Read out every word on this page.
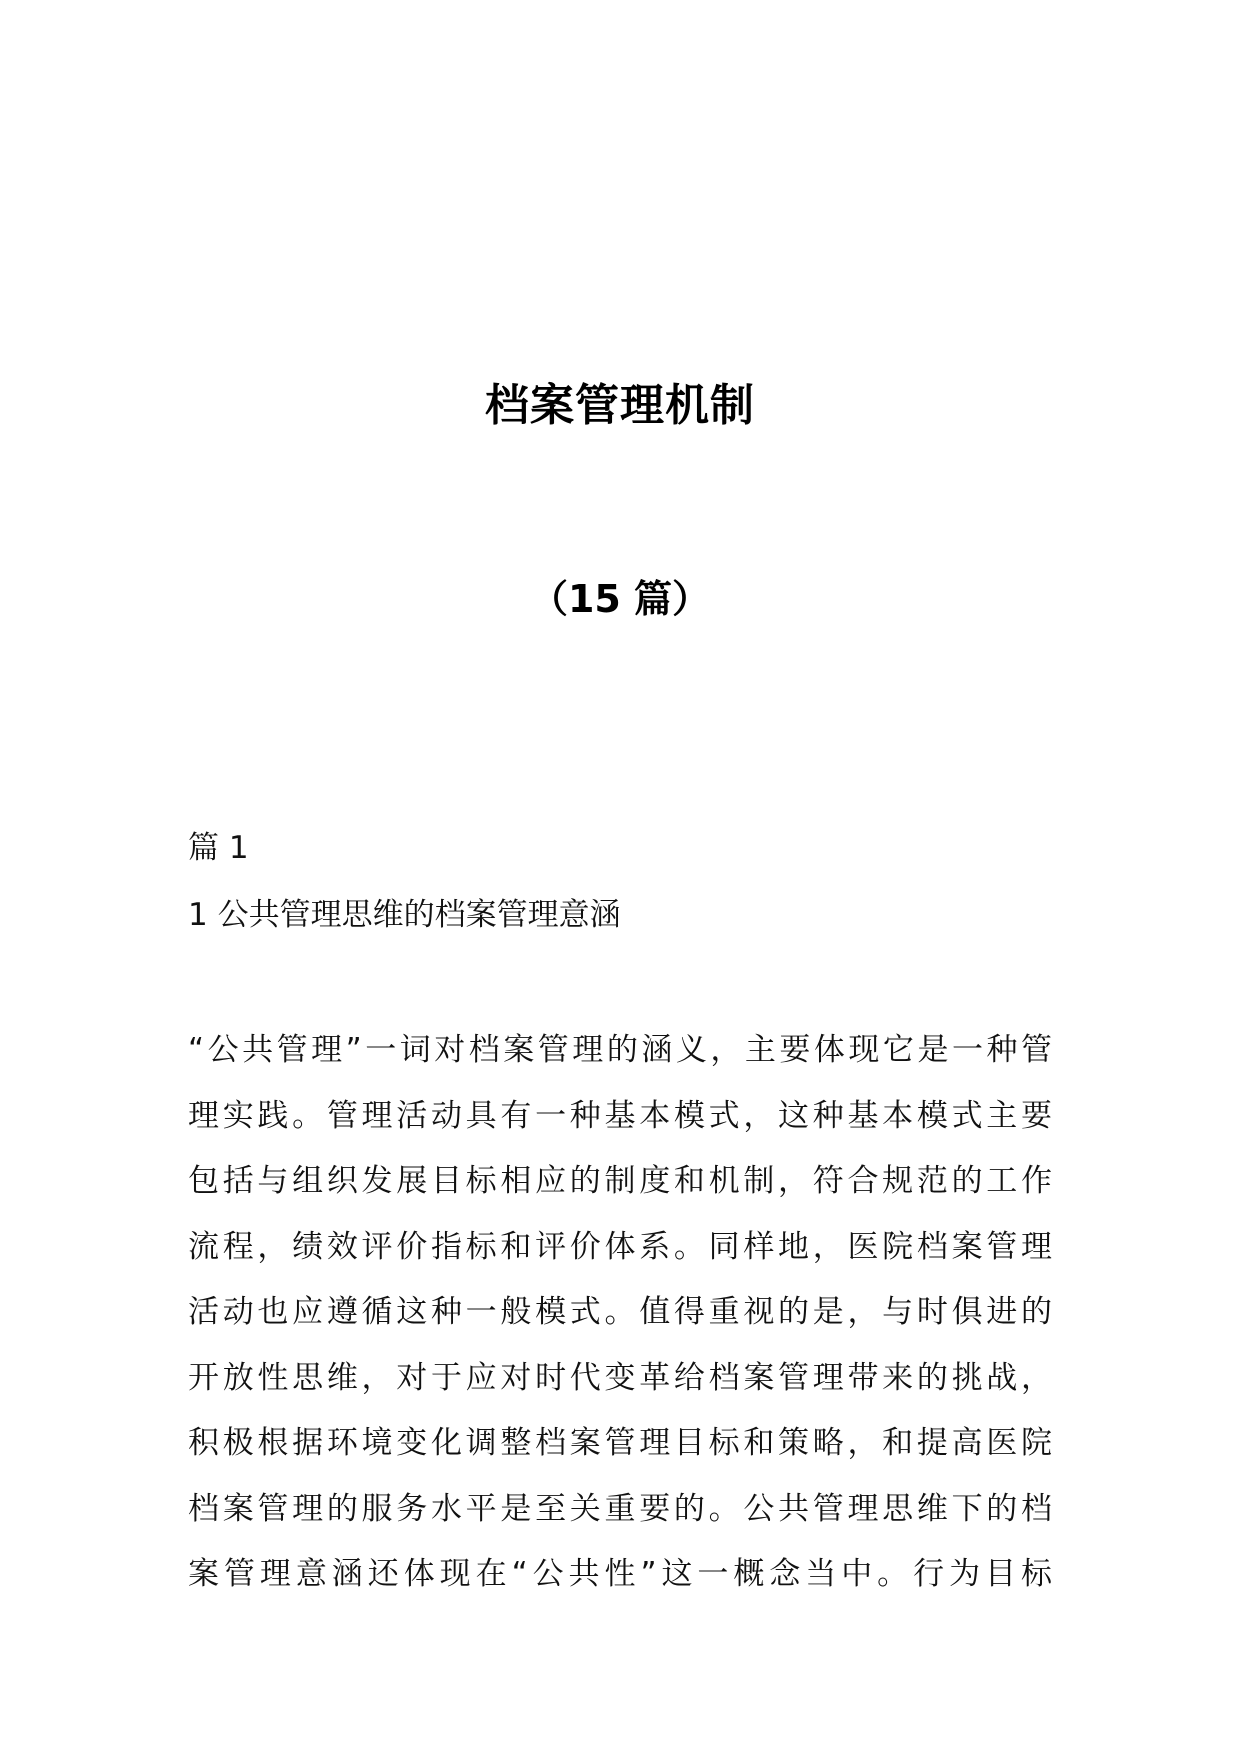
档案管理机制
（15 篇）
篇 1
1 公共管理思维的档案管理意涵

“公共管理”一词对档案管理的涵义，主要体现它是一种管
理实践。管理活动具有一种基本模式，这种基本模式主要
包括与组织发展目标相应的制度和机制，符合规范的工作
流程，绩效评价指标和评价体系。同样地，医院档案管理
活动也应遵循这种一般模式。值得重视的是，与时俱进的
开放性思维，对于应对时代变革给档案管理带来的挑战，
积极根据环境变化调整档案管理目标和策略，和提高医院
档案管理的服务水平是至关重要的。公共管理思维下的档
案管理意涵还体现在“公共性”这一概念当中。行为目标
